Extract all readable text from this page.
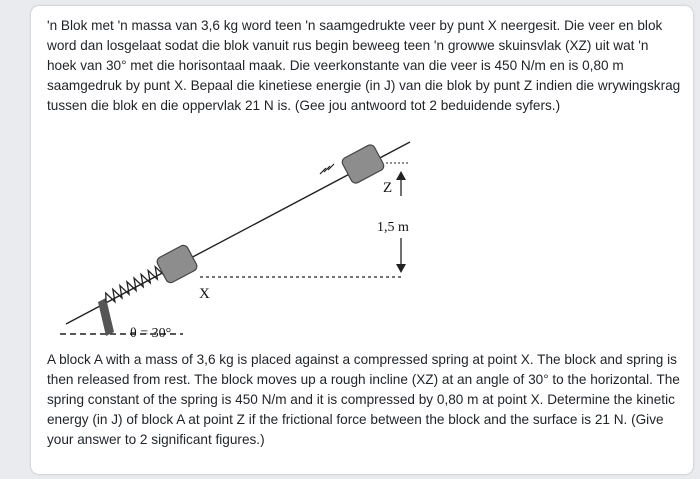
'n Blok met 'n massa van 3,6 kg word teen 'n saamgedrukte veer by punt X neergesit. Die veer en blok word dan losgelaat sodat die blok vanuit rus begin beweeg teen 'n growwe skuinsvlak (XZ) uit wat 'n hoek van 30° met die horisontaal maak. Die veerkonstante van die veer is 450 N/m en is 0,80 m saamgedruk by punt X. Bepaal die kinetiese energie (in J) van die blok by punt Z indien die wrywingskrag tussen die blok en die oppervlak 21 N is. (Gee jou antwoord tot 2 beduidende syfers.)

Z
1,5 m
X
θ = 30°

A block A with a mass of 3,6 kg is placed against a compressed spring at point X. The block and spring is then released from rest. The block moves up a rough incline (XZ) at an angle of 30° to the horizontal. The spring constant of the spring is 450 N/m and it is compressed by 0,80 m at point X. Determine the kinetic energy (in J) of block A at point Z if the frictional force between the block and the surface is 21 N. (Give your answer to 2 significant figures.)
